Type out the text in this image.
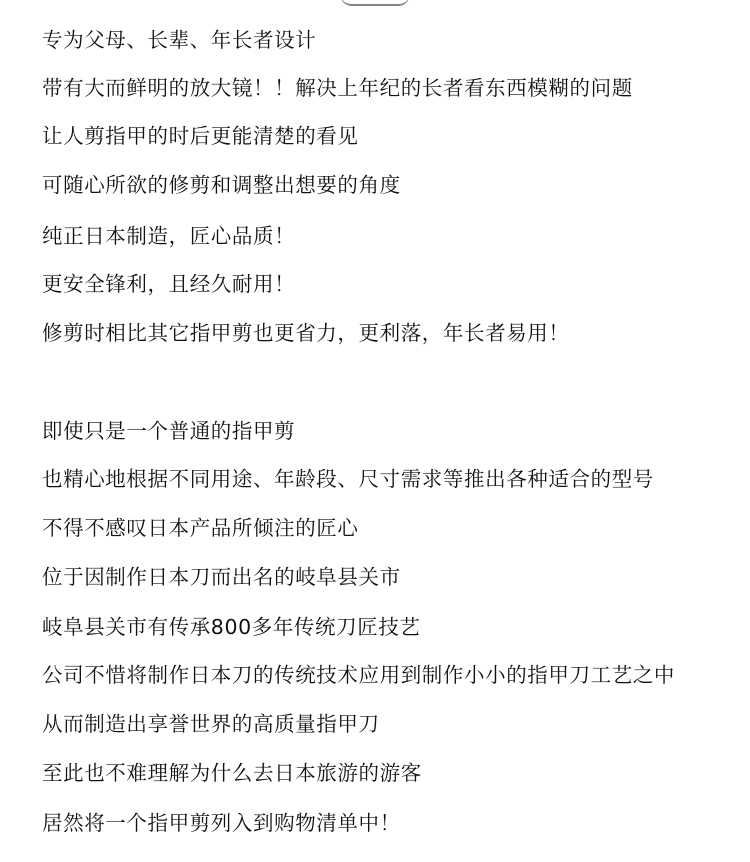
专为父母、长辈、年长者设计
带有大而鲜明的放大镜！！解决上年纪的长者看东西模糊的问题
让人剪指甲的时后更能清楚的看见
可随心所欲的修剪和调整出想要的角度
纯正日本制造，匠心品质！
更安全锋利，且经久耐用！
修剪时相比其它指甲剪也更省力，更利落，年长者易用！
即使只是一个普通的指甲剪
也精心地根据不同用途、年龄段、尺寸需求等推出各种适合的型号
不得不感叹日本产品所倾注的匠心
位于因制作日本刀而出名的岐阜县关市
岐阜县关市有传承800多年传统刀匠技艺
公司不惜将制作日本刀的传统技术应用到制作小小的指甲刀工艺之中
从而制造出享誉世界的高质量指甲刀
至此也不难理解为什么去日本旅游的游客
居然将一个指甲剪列入到购物清单中！
